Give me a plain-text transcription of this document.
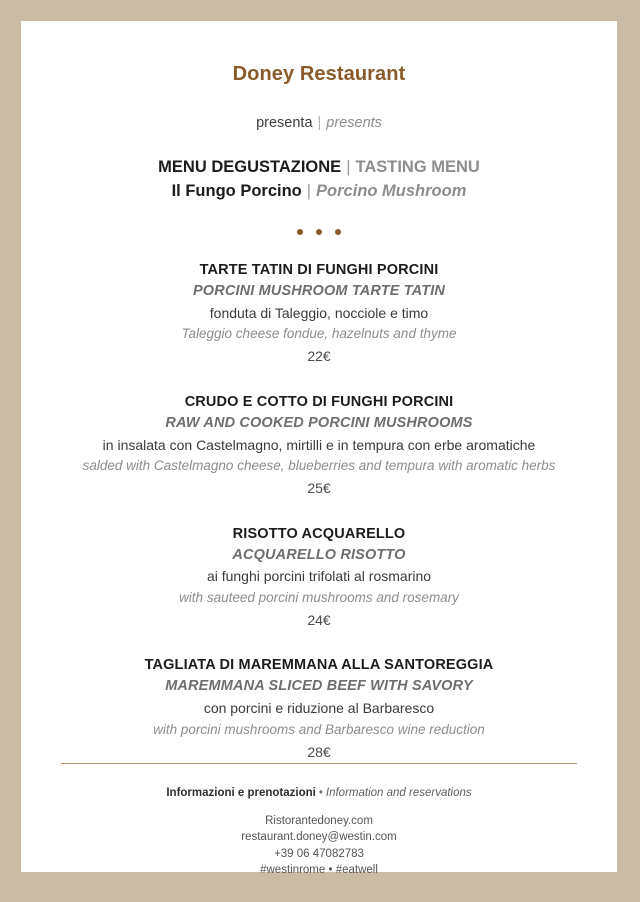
Doney Restaurant
presenta | presents
MENU DEGUSTAZIONE | TASTING MENU
Il Fungo Porcino | Porcino Mushroom
TARTE TATIN DI FUNGHI PORCINI
PORCINI MUSHROOM TARTE TATIN
fonduta di Taleggio, nocciole e timo
Taleggio cheese fondue, hazelnuts and thyme
22€
CRUDO E COTTO DI FUNGHI PORCINI
RAW AND COOKED PORCINI MUSHROOMS
in insalata con Castelmagno, mirtilli e in tempura con erbe aromatiche
salded with Castelmagno cheese, blueberries and tempura with aromatic herbs
25€
RISOTTO ACQUARELLO
ACQUARELLO RISOTTO
ai funghi porcini trifolati al rosmarino
with sauteed porcini mushrooms and rosemary
24€
TAGLIATA DI MAREMMANA ALLA SANTOREGGIA
MAREMMANA SLICED BEEF WITH SAVORY
con porcini e riduzione al Barbaresco
with porcini mushrooms and Barbaresco wine reduction
28€
Informazioni e prenotazioni • Information and reservations
Ristorantedoney.com
restaurant.doney@westin.com
+39 06 47082783
#westinrome • #eatwell
